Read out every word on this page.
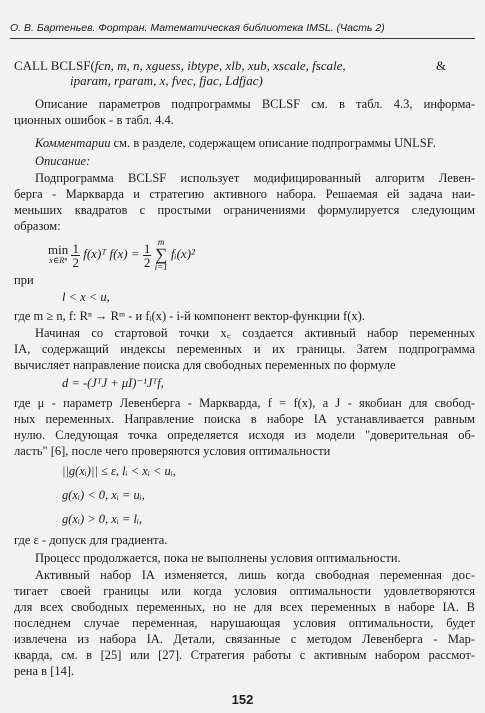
О. В. Бартеньев. Фортран. Математическая библиотека IMSL. (Часть 2)
CALL BCLSF(fcn, m, n, xguess, ibtype, xlb, xub, xscale, fscale,	&
iparam, rparam, x, fvec, fjac, Ldfjac)
Описание параметров подпрограммы BCLSF см. в табл. 4.3, информа-
ционных ошибок - в табл. 4.4.
Комментарии см. в разделе, содержащем описание подпрограммы UNLSF.
Описание:
Подпрограмма BCLSF использует модифицированный алгоритм Левен-
берга - Маркварда и стратегию активного набора. Решаемая ей задача наи-
меньших квадратов с простыми ограничениями формулируется следующим
образом:
min
x∈Rⁿ
$\frac{1}{2}$ f(x)ᵀ $f(x) = \frac{1}{2}$ m
∑
i=1 fᵢ(x)²
при
l < x < u,
где m ≥ n, f: Rⁿ → Rᵐ - и fᵢ(x) - i-й компонент вектор-функции f(x).
Начиная со стартовой точки x꜀ создается активный набор переменных
IA, содержащий индексы переменных и их границы. Затем подпрограмма
вычисляет направление поиска для свободных переменных по формуле
d = -(JᵀJ + μI)⁻¹Jᵀf,
где μ - параметр Левенберга - Маркварда, f = f(x), а J - якобиан для свобод-
ных переменных. Направление поиска в наборе IA устанавливается равным
нулю. Следующая точка определяется исходя из модели "доверительная об-
ласть" [6], после чего проверяются условия оптимальности
||g(xᵢ)|| ≤ ε, lᵢ < xᵢ < uᵢ,
g(xᵢ) < 0, xᵢ = uᵢ,
g(xᵢ) > 0, xᵢ = lᵢ,
где ε - допуск для градиента.
Процесс продолжается, пока не выполнены условия оптимальности.
Активный набор IA изменяется, лишь когда свободная переменная дос-
тигает своей границы или когда условия оптимальности удовлетворяются
для всех свободных переменных, но не для всех переменных в наборе IA. В
последнем случае переменная, нарушающая условия оптимальности, будет
извлечена из набора IA. Детали, связанные с методом Левенберга - Мар-
кварда, см. в [25] или [27]. Стратегия работы с активным набором рассмот-
рена в [14].
152
